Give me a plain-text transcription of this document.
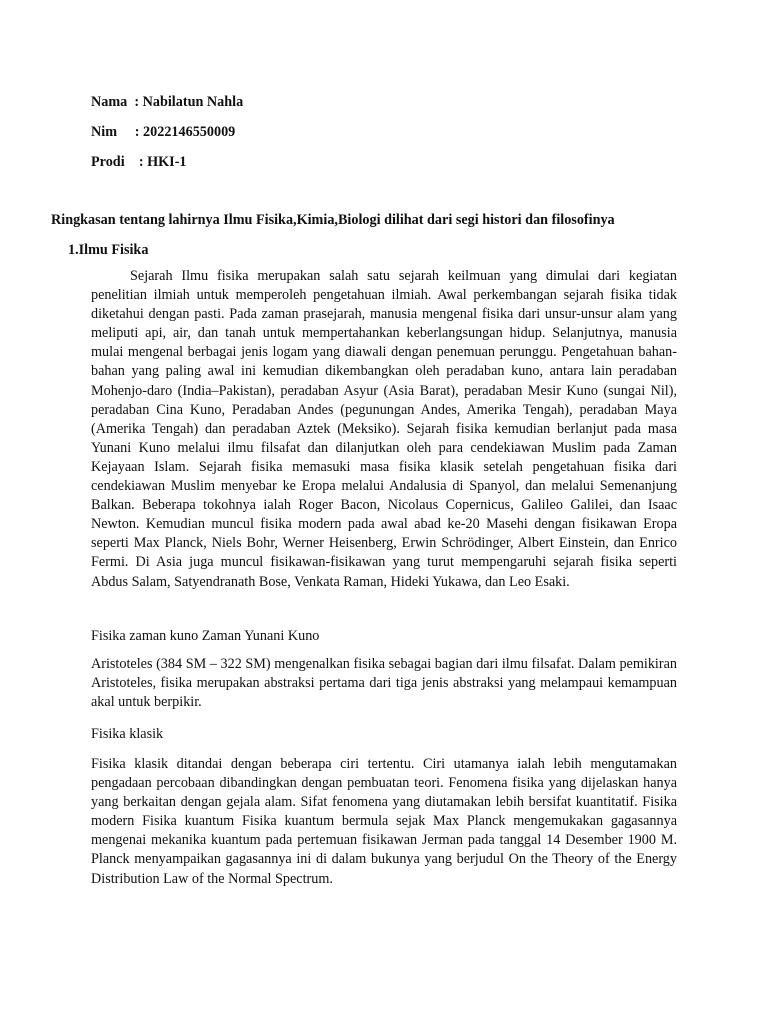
Nama  : Nabilatun Nahla
Nim     : 2022146550009
Prodi    : HKI-1
Ringkasan tentang lahirnya Ilmu Fisika,Kimia,Biologi dilihat dari segi histori dan filosofinya
1.Ilmu Fisika

Sejarah Ilmu fisika merupakan salah satu sejarah keilmuan yang dimulai dari kegiatan penelitian ilmiah untuk memperoleh pengetahuan ilmiah. Awal perkembangan sejarah fisika tidak diketahui dengan pasti. Pada zaman prasejarah, manusia mengenal fisika dari unsur-unsur alam yang meliputi api, air, dan tanah untuk mempertahankan keberlangsungan hidup. Selanjutnya, manusia mulai mengenal berbagai jenis logam yang diawali dengan penemuan perunggu. Pengetahuan bahan-bahan yang paling awal ini kemudian dikembangkan oleh peradaban kuno, antara lain peradaban Mohenjo-daro (India–Pakistan), peradaban Asyur (Asia Barat), peradaban Mesir Kuno (sungai Nil), peradaban Cina Kuno, Peradaban Andes (pegunungan Andes, Amerika Tengah), peradaban Maya (Amerika Tengah) dan peradaban Aztek (Meksiko). Sejarah fisika kemudian berlanjut pada masa Yunani Kuno melalui ilmu filsafat dan dilanjutkan oleh para cendekiawan Muslim pada Zaman Kejayaan Islam. Sejarah fisika memasuki masa fisika klasik setelah pengetahuan fisika dari cendekiawan Muslim menyebar ke Eropa melalui Andalusia di Spanyol, dan melalui Semenanjung Balkan. Beberapa tokohnya ialah Roger Bacon, Nicolaus Copernicus, Galileo Galilei, dan Isaac Newton. Kemudian muncul fisika modern pada awal abad ke-20 Masehi dengan fisikawan Eropa seperti Max Planck, Niels Bohr, Werner Heisenberg, Erwin Schrödinger, Albert Einstein, dan Enrico Fermi. Di Asia juga muncul fisikawan-fisikawan yang turut mempengaruhi sejarah fisika seperti Abdus Salam, Satyendranath Bose, Venkata Raman, Hideki Yukawa, dan Leo Esaki.

Fisika zaman kuno Zaman Yunani Kuno

Aristoteles (384 SM – 322 SM) mengenalkan fisika sebagai bagian dari ilmu filsafat. Dalam pemikiran Aristoteles, fisika merupakan abstraksi pertama dari tiga jenis abstraksi yang melampaui kemampuan akal untuk berpikir.

Fisika klasik

Fisika klasik ditandai dengan beberapa ciri tertentu. Ciri utamanya ialah lebih mengutamakan pengadaan percobaan dibandingkan dengan pembuatan teori. Fenomena fisika yang dijelaskan hanya yang berkaitan dengan gejala alam. Sifat fenomena yang diutamakan lebih bersifat kuantitatif. Fisika modern Fisika kuantum Fisika kuantum bermula sejak Max Planck mengemukakan gagasannya mengenai mekanika kuantum pada pertemuan fisikawan Jerman pada tanggal 14 Desember 1900 M. Planck menyampaikan gagasannya ini di dalam bukunya yang berjudul On the Theory of the Energy Distribution Law of the Normal Spectrum.
